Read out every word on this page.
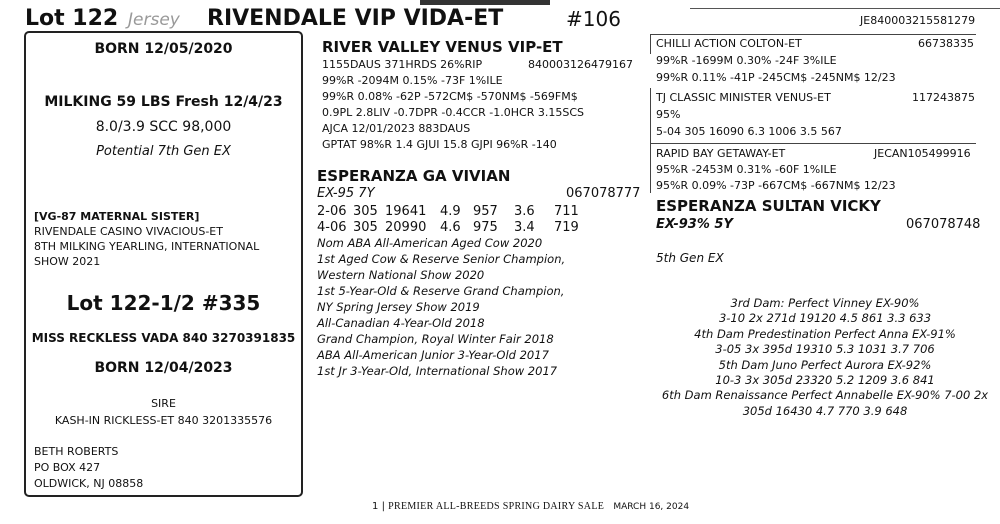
Lot 122 Jersey RIVENDALE VIP VIDA-ET	#106	JE840003215581279
BORN 12/05/2020
MILKING 59 LBS Fresh 12/4/23
8.0/3.9 SCC 98,000
Potential 7th Gen EX
[VG-87 MATERNAL SISTER]
RIVENDALE CASINO VIVACIOUS-ET
8TH MILKING YEARLING, INTERNATIONAL
SHOW 2021
Lot 122-1/2 #335
MISS RECKLESS VADA 840 3270391835
BORN 12/04/2023
SIRE
KASH-IN RICKLESS-ET 840 3201335576
BETH ROBERTS
PO BOX 427
OLDWICK, NJ 08858
RIVER VALLEY VENUS VIP-ET
1155DAUS 371HRDS 26%RIP	840003126479167
99%R -2094M 0.15% -73F 1%ILE
99%R 0.08% -62P -572CM$ -570NM$ -569FM$
0.9PL 2.8LIV -0.7DPR -0.4CCR -1.0HCR 3.15SCS
AJCA 12/01/2023 883DAUS
GPTAT 98%R 1.4 GJUI 15.8 GJPI 96%R -140
ESPERANZA GA VIVIAN
EX-95 7Y	067078777
2-06 305 19641 4.9 957 3.6 711
4-06 305 20990 4.6 975 3.4 719
Nom ABA All-American Aged Cow 2020
1st Aged Cow & Reserve Senior Champion,
Western National Show 2020
1st 5-Year-Old & Reserve Grand Champion,
NY Spring Jersey Show 2019
All-Canadian 4-Year-Old 2018
Grand Champion, Royal Winter Fair 2018
ABA All-American Junior 3-Year-Old 2017
1st Jr 3-Year-Old, International Show 2017
CHILLI ACTION COLTON-ET	66738335
99%R -1699M 0.30% -24F 3%ILE
99%R 0.11% -41P -245CM$ -245NM$ 12/23
TJ CLASSIC MINISTER VENUS-ET	117243875
95%
5-04 305 16090 6.3 1006 3.5 567
RAPID BAY GETAWAY-ET	JECAN105499916
95%R -2453M 0.31% -60F 1%ILE
95%R 0.09% -73P -667CM$ -667NM$ 12/23
ESPERANZA SULTAN VICKY
EX-93% 5Y	067078748
5th Gen EX
3rd Dam: Perfect Vinney EX-90%
3-10 2x 271d 19120 4.5 861 3.3 633
4th Dam Predestination Perfect Anna EX-91%
3-05 3x 395d 19310 5.3 1031 3.7 706
5th Dam Juno Perfect Aurora EX-92%
10-3 3x 305d 23320 5.2 1209 3.6 841
6th Dam Renaissance Perfect Annabelle EX-90% 7-00 2x
305d 16430 4.7 770 3.9 648
1 | PREMIER ALL-BREEDS SPRING DAIRY SALE MARCH 16, 2024
